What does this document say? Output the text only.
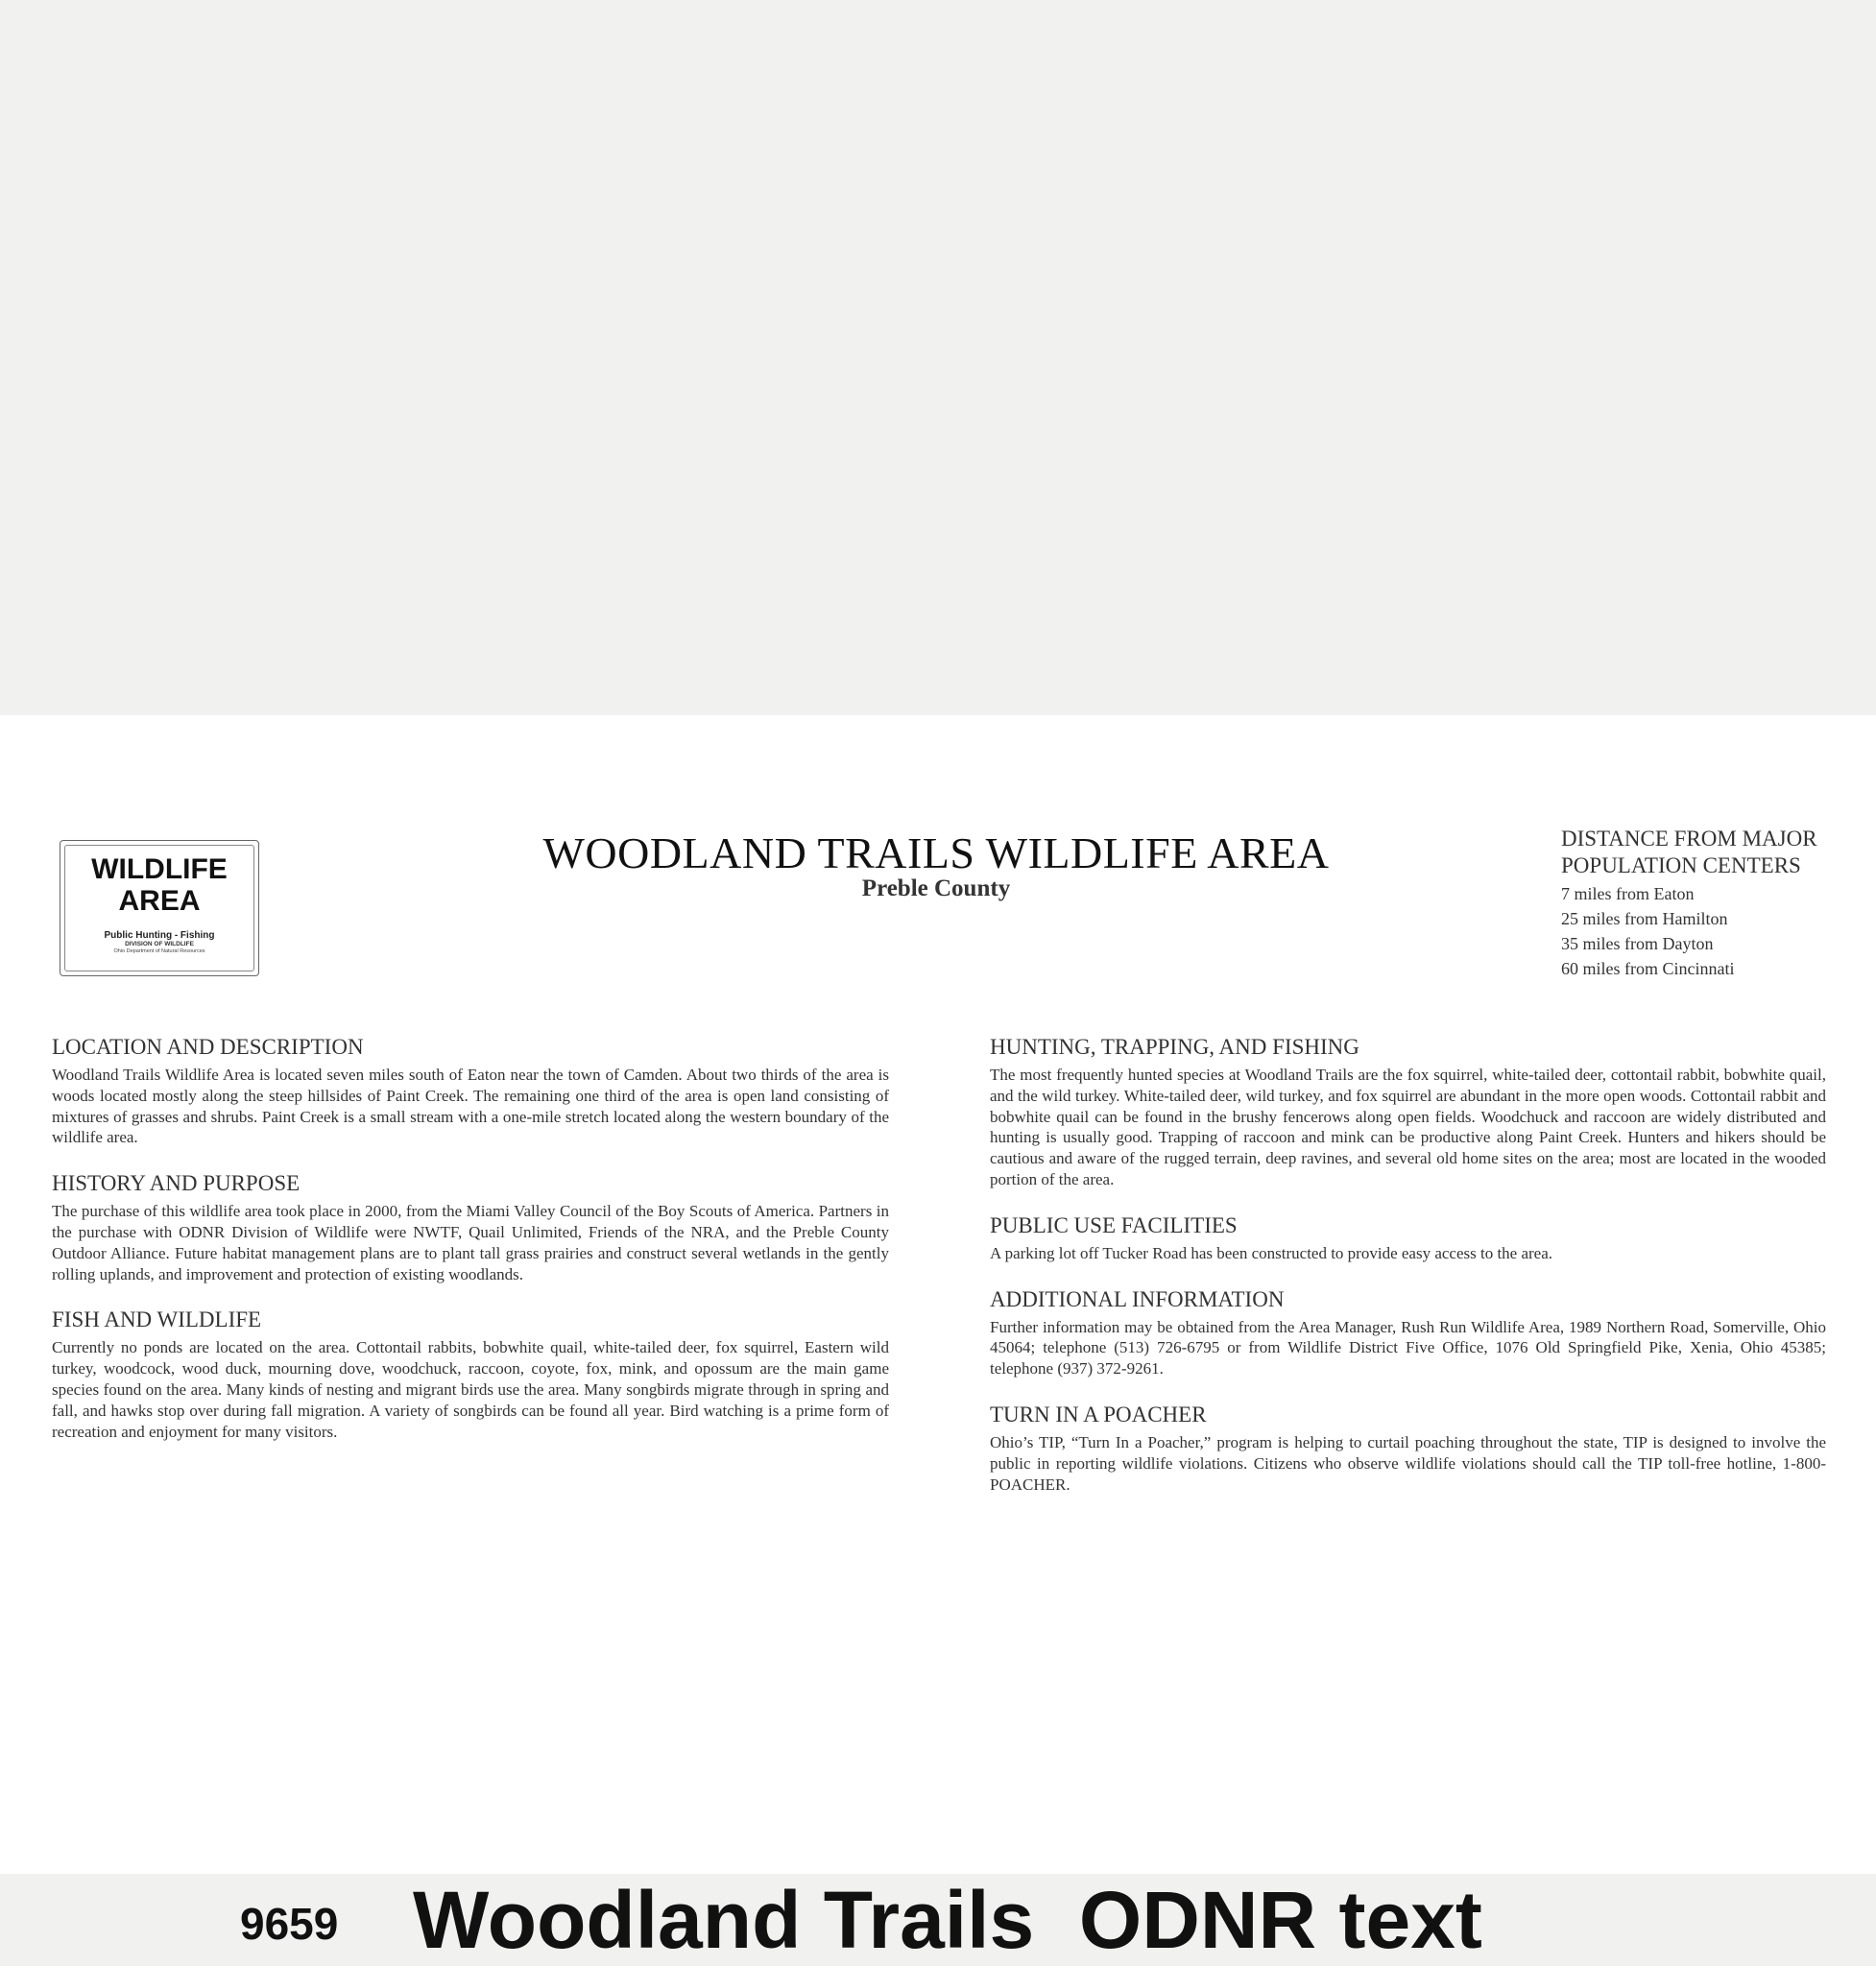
WILDLIFE
AREA
Public Hunting - Fishing
DIVISION OF WILDLIFE
Ohio Department of Natural Resources
WOODLAND TRAILS WILDLIFE AREA
Preble County
DISTANCE FROM MAJOR
POPULATION CENTERS
7 miles from Eaton
25 miles from Hamilton
35 miles from Dayton
60 miles from Cincinnati
LOCATION AND DESCRIPTION

Woodland Trails Wildlife Area is located seven miles south of Eaton near the town of Camden. About two thirds of the area is woods located mostly along the steep hillsides of Paint Creek. The remaining one third of the area is open land consisting of mixtures of grasses and shrubs. Paint Creek is a small stream with a one-mile stretch located along the western boundary of the wildlife area.

HISTORY AND PURPOSE

The purchase of this wildlife area took place in 2000, from the Miami Valley Council of the Boy Scouts of America. Partners in the purchase with ODNR Division of Wildlife were NWTF, Quail Unlimited, Friends of the NRA, and the Preble County Outdoor Alliance. Future habitat management plans are to plant tall grass prairies and construct several wetlands in the gently rolling uplands, and improvement and protection of existing woodlands.

FISH AND WILDLIFE

Currently no ponds are located on the area. Cottontail rabbits, bobwhite quail, white-tailed deer, fox squirrel, Eastern wild turkey, woodcock, wood duck, mourning dove, woodchuck, raccoon, coyote, fox, mink, and opossum are the main game species found on the area. Many kinds of nesting and migrant birds use the area. Many songbirds migrate through in spring and fall, and hawks stop over during fall migration. A variety of songbirds can be found all year. Bird watching is a prime form of recreation and enjoyment for many visitors.

HUNTING, TRAPPING, AND FISHING

The most frequently hunted species at Woodland Trails are the fox squirrel, white-tailed deer, cottontail rabbit, bobwhite quail, and the wild turkey. White-tailed deer, wild turkey, and fox squirrel are abundant in the more open woods. Cottontail rabbit and bobwhite quail can be found in the brushy fencerows along open fields. Woodchuck and raccoon are widely distributed and hunting is usually good. Trapping of raccoon and mink can be productive along Paint Creek. Hunters and hikers should be cautious and aware of the rugged terrain, deep ravines, and several old home sites on the area; most are located in the wooded portion of the area.

PUBLIC USE FACILITIES

A parking lot off Tucker Road has been constructed to provide easy access to the area.

ADDITIONAL INFORMATION

Further information may be obtained from the Area Manager, Rush Run Wildlife Area, 1989 Northern Road, Somerville, Ohio 45064; telephone (513) 726-6795 or from Wildlife District Five Office, 1076 Old Springfield Pike, Xenia, Ohio 45385; telephone (937) 372-9261.

TURN IN A POACHER

Ohio’s TIP, “Turn In a Poacher,” program is helping to curtail poaching throughout the state, TIP is designed to involve the public in reporting wildlife violations. Citizens who observe wildlife violations should call the TIP toll-free hotline, 1-800-POACHER.

9659 Woodland Trails  ODNR text
